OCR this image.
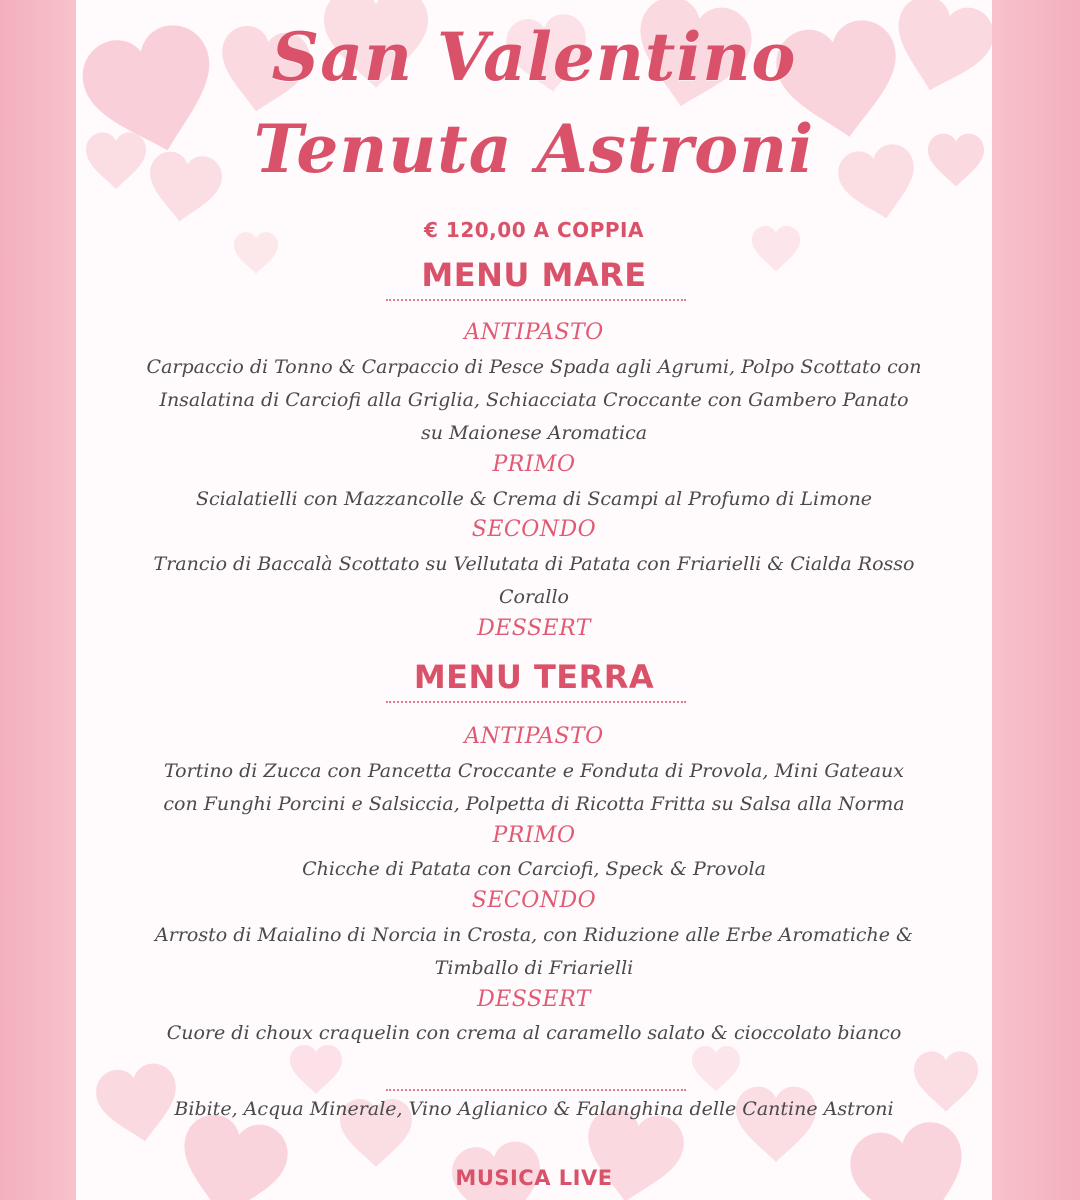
San Valentino
Tenuta Astroni
€ 120,00 A COPPIA
MENU MARE
ANTIPASTO
Carpaccio di Tonno & Carpaccio di Pesce Spada agli Agrumi, Polpo Scottato con Insalatina di Carciofi alla Griglia, Schiacciata Croccante con Gambero Panato su Maionese Aromatica
PRIMO
Scialatielli con Mazzancolle & Crema di Scampi al Profumo di Limone
SECONDO
Trancio di Baccalà Scottato su Vellutata di Patata con Friarielli & Cialda Rosso Corallo
DESSERT
MENU TERRA
ANTIPASTO
Tortino di Zucca con Pancetta Croccante e Fonduta di Provola, Mini Gateaux con Funghi Porcini e Salsiccia, Polpetta di Ricotta Fritta su Salsa alla Norma
PRIMO
Chicche di Patata con Carciofi, Speck & Provola
SECONDO
Arrosto di Maialino di Norcia in Crosta, con Riduzione alle Erbe Aromatiche & Timballo di Friarielli
DESSERT
Cuore di choux craquelin con crema al caramello salato & cioccolato bianco
Bibite, Acqua Minerale, Vino Aglianico & Falanghina delle Cantine Astroni
MUSICA LIVE
